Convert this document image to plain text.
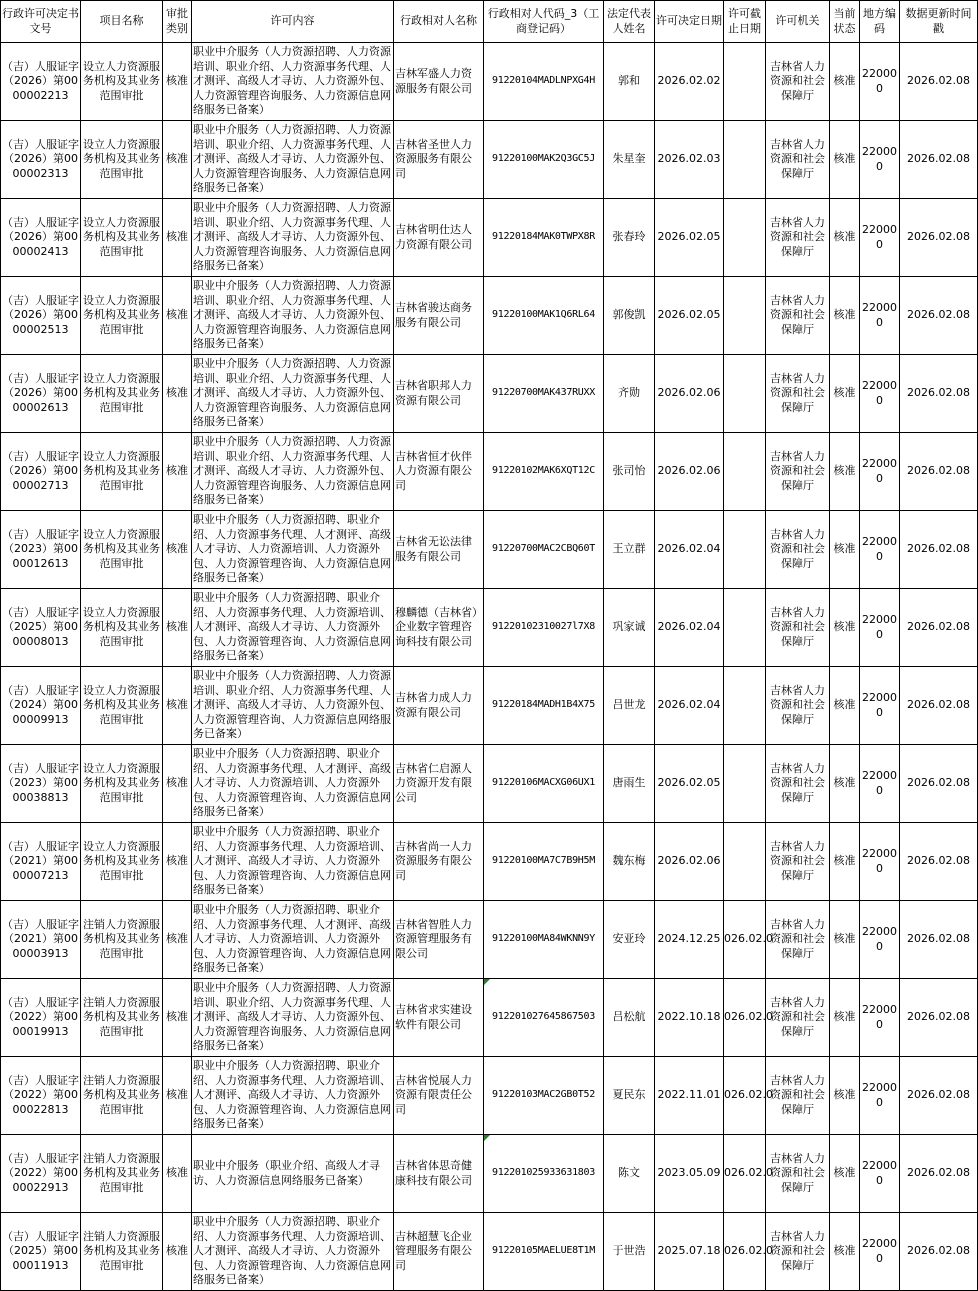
行政许可决定书文号	项目名称	审批类别	许可内容	行政相对人名称	行政相对人代码_3（工商登记码）	法定代表人姓名	许可决定日期	许可截止日期	许可机关	当前状态	地方编码	数据更新时间戳
（吉）人服证字（2026）第0000002213	设立人力资源服务机构及其业务范围审批	核准	职业中介服务（人力资源招聘、人力资源培训、职业介绍、人力资源事务代理、人才测评、高级人才寻访、人力资源外包、人力资源管理咨询服务、人力资源信息网络服务已备案）	吉林军盛人力资源服务有限公司	91220104MADLNPXG4H	郭和	2026.02.02		吉林省人力资源和社会保障厅	核准	220000	2026.02.08
（吉）人服证字（2026）第0000002313	设立人力资源服务机构及其业务范围审批	核准	职业中介服务（人力资源招聘、人力资源培训、职业介绍、人力资源事务代理、人才测评、高级人才寻访、人力资源外包、人力资源管理咨询服务、人力资源信息网络服务已备案）	吉林省圣世人力资源服务有限公司	91220100MAK2Q3GC5J	朱星奎	2026.02.03		吉林省人力资源和社会保障厅	核准	220000	2026.02.08
（吉）人服证字（2026）第0000002413	设立人力资源服务机构及其业务范围审批	核准	职业中介服务（人力资源招聘、人力资源培训、职业介绍、人力资源事务代理、人才测评、高级人才寻访、人力资源外包、人力资源管理咨询服务、人力资源信息网络服务已备案）	吉林省明仕达人力资源有限公司	91220184MAK0TWPX8R	张春玲	2026.02.05		吉林省人力资源和社会保障厅	核准	220000	2026.02.08
（吉）人服证字（2026）第0000002513	设立人力资源服务机构及其业务范围审批	核准	职业中介服务（人力资源招聘、人力资源培训、职业介绍、人力资源事务代理、人才测评、高级人才寻访、人力资源外包、人力资源管理咨询服务、人力资源信息网络服务已备案）	吉林省骏达商务服务有限公司	91220100MAK1Q6RL64	郭俊凯	2026.02.05		吉林省人力资源和社会保障厅	核准	220000	2026.02.08
（吉）人服证字（2026）第0000002613	设立人力资源服务机构及其业务范围审批	核准	职业中介服务（人力资源招聘、人力资源培训、职业介绍、人力资源事务代理、人才测评、高级人才寻访、人力资源外包、人力资源管理咨询服务、人力资源信息网络服务已备案）	吉林省职邦人力资源有限公司	91220700MAK437RUXX	齐勋	2026.02.06		吉林省人力资源和社会保障厅	核准	220000	2026.02.08
（吉）人服证字（2026）第0000002713	设立人力资源服务机构及其业务范围审批	核准	职业中介服务（人力资源招聘、人力资源培训、职业介绍、人力资源事务代理、人才测评、高级人才寻访、人力资源外包、人力资源管理咨询服务、人力资源信息网络服务已备案）	吉林省恒才伙伴人力资源有限公司	91220102MAK6XQT12C	张司怡	2026.02.06		吉林省人力资源和社会保障厅	核准	220000	2026.02.08
（吉）人服证字（2023）第0000012613	设立人力资源服务机构及其业务范围审批	核准	职业中介服务（人力资源招聘、职业介绍、人力资源事务代理、人才测评、高级人才寻访、人力资源培训、人力资源外包、人力资源管理咨询、人力资源信息网络服务已备案）	吉林省无讼法律服务有限公司	91220700MAC2CBQ60T	王立群	2026.02.04		吉林省人力资源和社会保障厅	核准	220000	2026.02.08
（吉）人服证字（2025）第0000008013	设立人力资源服务机构及其业务范围审批	核准	职业中介服务（人力资源招聘、职业介绍、人力资源事务代理、人力资源培训、人才测评、高级人才寻访、人力资源外包、人力资源管理咨询、人力资源信息网络服务已备案）	穆麟德（吉林省）企业数字管理咨询科技有限公司	91220102310027l7X8	巩家诚	2026.02.04		吉林省人力资源和社会保障厅	核准	220000	2026.02.08
（吉）人服证字（2024）第0000009913	设立人力资源服务机构及其业务范围审批	核准	职业中介服务（人力资源招聘、人力资源培训、职业介绍、人力资源事务代理、人才测评、高级人才寻访、人力资源外包、人力资源管理咨询、人力资源信息网络服务已备案）	吉林省力成人力资源有限公司	91220184MADH1B4X75	吕世龙	2026.02.04		吉林省人力资源和社会保障厅	核准	220000	2026.02.08
（吉）人服证字（2023）第0000038813	设立人力资源服务机构及其业务范围审批	核准	职业中介服务（人力资源招聘、职业介绍、人力资源事务代理、人才测评、高级人才寻访、人力资源培训、人力资源外包、人力资源管理咨询、人力资源信息网络服务已备案）	吉林省仁启源人力资源开发有限公司	91220106MACXG06UX1	唐雨生	2026.02.05		吉林省人力资源和社会保障厅	核准	220000	2026.02.08
（吉）人服证字（2021）第0000007213	设立人力资源服务机构及其业务范围审批	核准	职业中介服务（人力资源招聘、职业介绍、人力资源事务代理、人力资源培训、人才测评、高级人才寻访、人力资源外包、人力资源管理咨询、人力资源信息网络服务已备案）	吉林省尚一人力资源服务有限公司	91220100MA7C7B9H5M	魏东梅	2026.02.06		吉林省人力资源和社会保障厅	核准	220000	2026.02.08
（吉）人服证字（2021）第0000003913	注销人力资源服务机构及其业务范围审批	核准	职业中介服务（人力资源招聘、职业介绍、人力资源事务代理、人才测评、高级人才寻访、人力资源培训、人力资源外包、人力资源管理咨询、人力资源信息网络服务已备案）	吉林省智胜人力资源管理服务有限公司	91220100MA84WKNN9Y	安亚玲	2024.12.25	026.02.0	吉林省人力资源和社会保障厅	核准	220000	2026.02.08
（吉）人服证字（2022）第0000019913	注销人力资源服务机构及其业务范围审批	核准	职业中介服务（人力资源招聘、人力资源培训、职业介绍、人力资源事务代理、人才测评、高级人才寻访、人力资源外包、人力资源管理咨询服务、人力资源信息网络服务已备案）	吉林省求实建设软件有限公司	912201027645867503	吕松航	2022.10.18	026.02.0	吉林省人力资源和社会保障厅	核准	220000	2026.02.08
（吉）人服证字（2022）第0000022813	注销人力资源服务机构及其业务范围审批	核准	职业中介服务（人力资源招聘、职业介绍、人力资源事务代理、人力资源培训、人才测评、高级人才寻访、人力资源外包、人力资源管理咨询、人力资源信息网络服务已备案）	吉林省悦展人力资源有限责任公司	91220103MAC2GB0T52	夏民东	2022.11.01	026.02.0	吉林省人力资源和社会保障厅	核准	220000	2026.02.08
（吉）人服证字（2022）第0000022913	注销人力资源服务机构及其业务范围审批	核准	职业中介服务（职业介绍、高级人才寻访、人力资源信息网络服务已备案）	吉林省体思奇健康科技有限公司	912201025933631803	陈文	2023.05.09	026.02.0	吉林省人力资源和社会保障厅	核准	220000	2026.02.08
（吉）人服证字（2025）第0000011913	注销人力资源服务机构及其业务范围审批	核准	职业中介服务（人力资源招聘、职业介绍、人力资源事务代理、人力资源培训、人才测评、高级人才寻访、人力资源外包、人力资源管理咨询、人力资源信息网络服务已备案）	吉林超慧飞企业管理服务有限公司	91220105MAELUE8T1M	于世浩	2025.07.18	026.02.0	吉林省人力资源和社会保障厅	核准	220000	2026.02.08
